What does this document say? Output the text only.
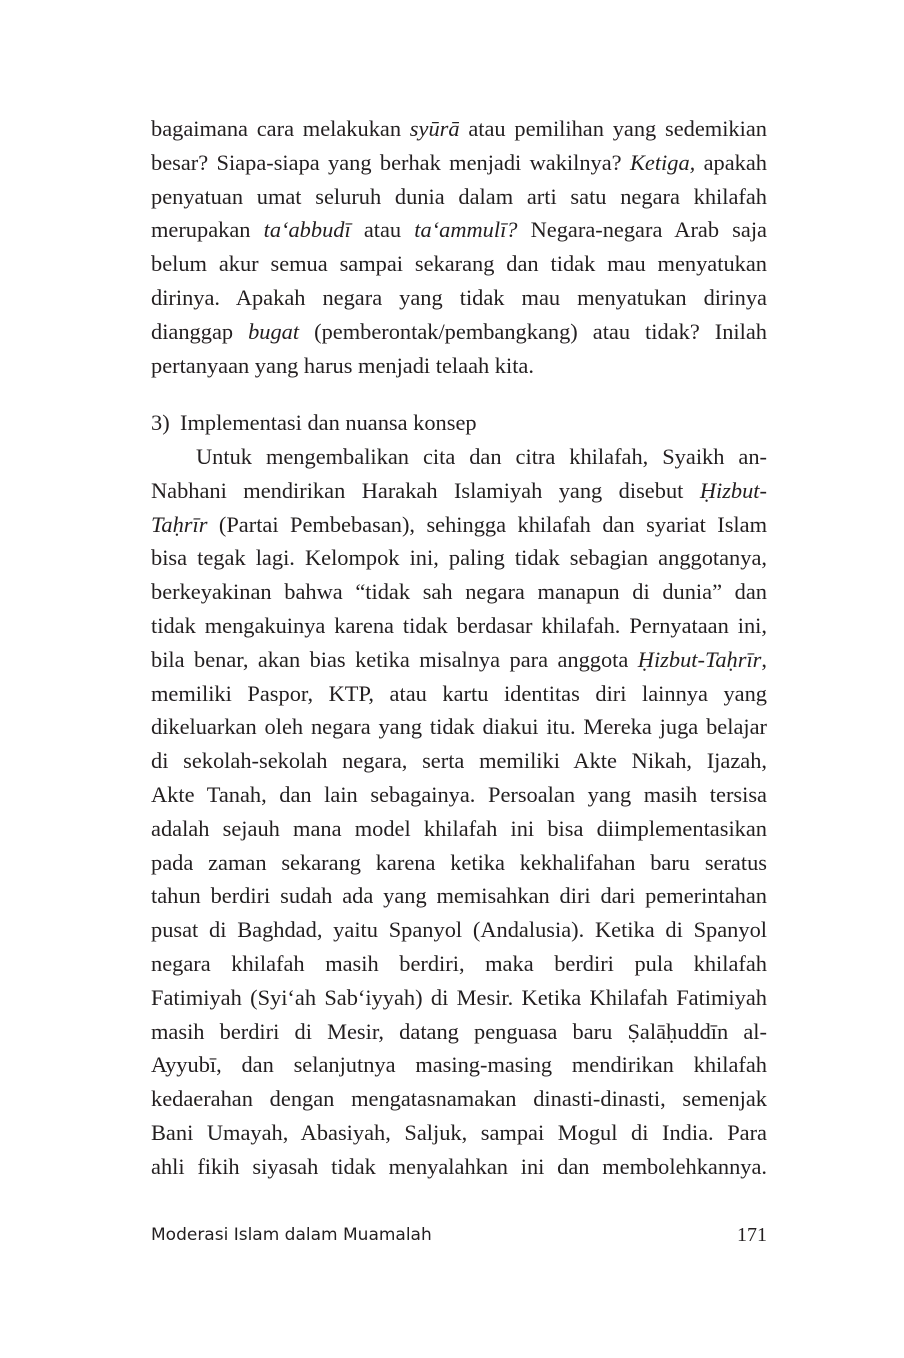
bagaimana cara melakukan syūrā atau pemilihan yang sedemikian
besar? Siapa-siapa yang berhak menjadi wakilnya? Ketiga, apakah
penyatuan umat seluruh dunia dalam arti satu negara khilafah
merupakan ta‘abbudī atau ta‘ammulī? Negara-negara Arab saja
belum akur semua sampai sekarang dan tidak mau menyatukan
dirinya. Apakah negara yang tidak mau menyatukan dirinya
dianggap bugat (pemberontak/pembangkang) atau tidak? Inilah
pertanyaan yang harus menjadi telaah kita.
3) Implementasi dan nuansa konsep
Untuk mengembalikan cita dan citra khilafah, Syaikh an-
Nabhani mendirikan Harakah Islamiyah yang disebut Ḥizbut-
Taḥrīr (Partai Pembebasan), sehingga khilafah dan syariat Islam
bisa tegak lagi. Kelompok ini, paling tidak sebagian anggotanya,
berkeyakinan bahwa “tidak sah negara manapun di dunia” dan
tidak mengakuinya karena tidak berdasar khilafah. Pernyataan ini,
bila benar, akan bias ketika misalnya para anggota Ḥizbut-Taḥrīr,
memiliki Paspor, KTP, atau kartu identitas diri lainnya yang
dikeluarkan oleh negara yang tidak diakui itu. Mereka juga belajar
di sekolah-sekolah negara, serta memiliki Akte Nikah, Ijazah,
Akte Tanah, dan lain sebagainya. Persoalan yang masih tersisa
adalah sejauh mana model khilafah ini bisa diimplementasikan
pada zaman sekarang karena ketika kekhalifahan baru seratus
tahun berdiri sudah ada yang memisahkan diri dari pemerintahan
pusat di Baghdad, yaitu Spanyol (Andalusia). Ketika di Spanyol
negara khilafah masih berdiri, maka berdiri pula khilafah
Fatimiyah (Syi‘ah Sab‘iyyah) di Mesir. Ketika Khilafah Fatimiyah
masih berdiri di Mesir, datang penguasa baru Ṣalāḥuddīn al-
Ayyubī, dan selanjutnya masing-masing mendirikan khilafah
kedaerahan dengan mengatasnamakan dinasti-dinasti, semenjak
Bani Umayah, Abasiyah, Saljuk, sampai Mogul di India. Para
ahli fikih siyasah tidak menyalahkan ini dan membolehkannya.
Moderasi Islam dalam Muamalah	171
